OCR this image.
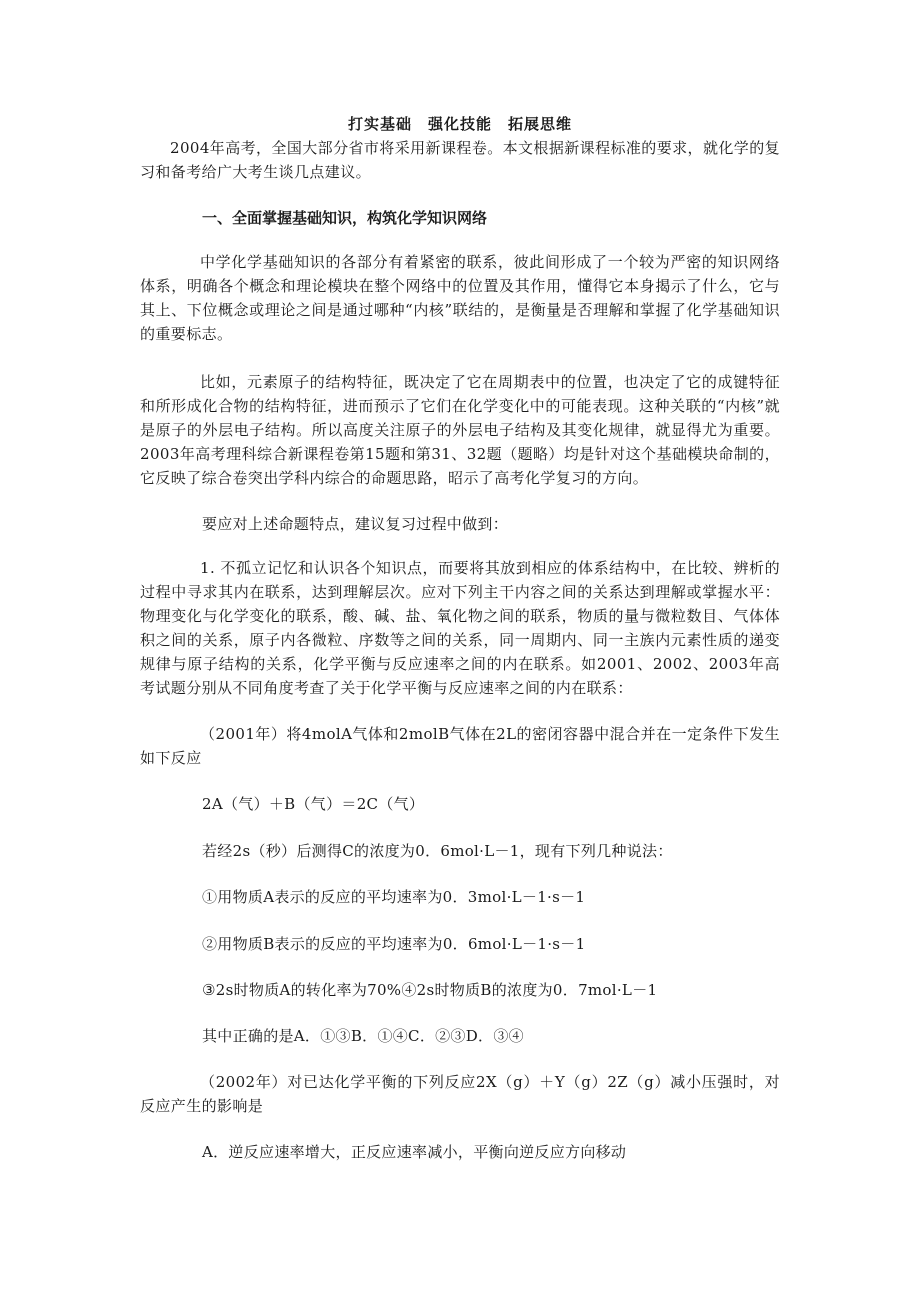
打实基础　强化技能　拓展思维

2004年高考，全国大部分省市将采用新课程卷。本文根据新课程标准的要求，就化学的复习和备考给广大考生谈几点建议。

一、全面掌握基础知识，构筑化学知识网络

中学化学基础知识的各部分有着紧密的联系，彼此间形成了一个较为严密的知识网络体系，明确各个概念和理论模块在整个网络中的位置及其作用，懂得它本身揭示了什么，它与其上、下位概念或理论之间是通过哪种“内核”联结的，是衡量是否理解和掌握了化学基础知识的重要标志。

比如，元素原子的结构特征，既决定了它在周期表中的位置，也决定了它的成键特征和所形成化合物的结构特征，进而预示了它们在化学变化中的可能表现。这种关联的“内核”就是原子的外层电子结构。所以高度关注原子的外层电子结构及其变化规律，就显得尤为重要。2003年高考理科综合新课程卷第15题和第31、32题（题略）均是针对这个基础模块命制的，它反映了综合卷突出学科内综合的命题思路，昭示了高考化学复习的方向。

要应对上述命题特点，建议复习过程中做到：

1. 不孤立记忆和认识各个知识点，而要将其放到相应的体系结构中，在比较、辨析的过程中寻求其内在联系，达到理解层次。应对下列主干内容之间的关系达到理解或掌握水平：物理变化与化学变化的联系，酸、碱、盐、氧化物之间的联系，物质的量与微粒数目、气体体积之间的关系，原子内各微粒、序数等之间的关系，同一周期内、同一主族内元素性质的递变规律与原子结构的关系，化学平衡与反应速率之间的内在联系。如2001、2002、2003年高考试题分别从不同角度考查了关于化学平衡与反应速率之间的内在联系：

（2001年）将4molA气体和2molB气体在2L的密闭容器中混合并在一定条件下发生如下反应

2A（气）＋B（气）＝2C（气）

若经2s（秒）后测得C的浓度为0．6mol·L－1，现有下列几种说法：

①用物质A表示的反应的平均速率为0．3mol·L－1·s－1

②用物质B表示的反应的平均速率为0．6mol·L－1·s－1

③2s时物质A的转化率为70%④2s时物质B的浓度为0．7mol·L－1

其中正确的是A．①③B．①④C．②③D．③④

（2002年）对已达化学平衡的下列反应2X（g）＋Y（g）2Z（g）减小压强时，对反应产生的影响是

A．逆反应速率增大，正反应速率减小，平衡向逆反应方向移动
